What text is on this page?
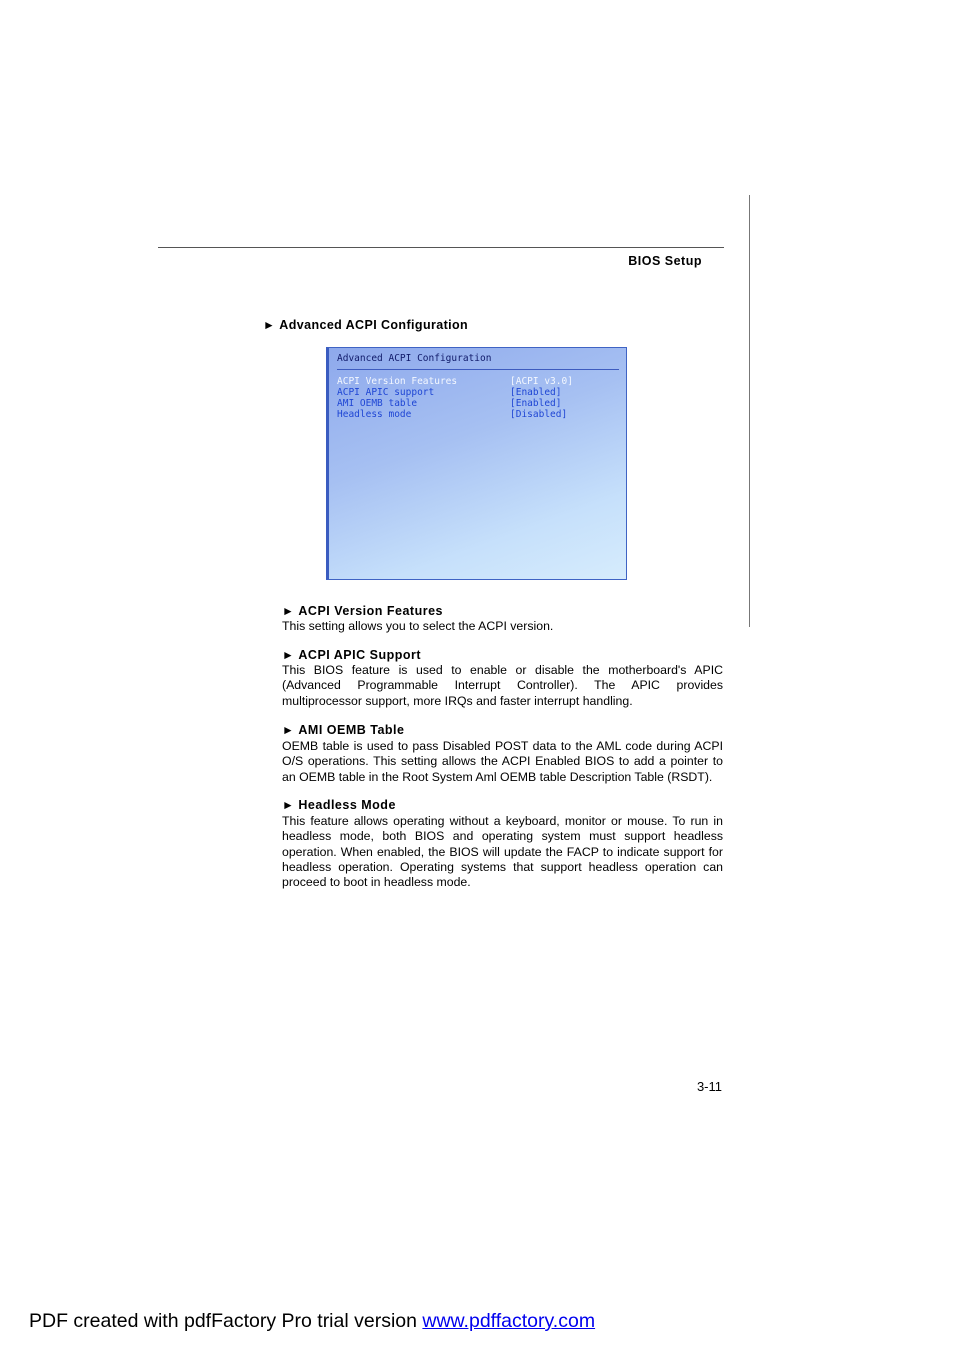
BIOS Setup
► Advanced ACPI Configuration
Advanced ACPI Configuration
ACPI Version Features	[ACPI v3.0]
ACPI APIC support	[Enabled]
AMI OEMB table	[Enabled]
Headless mode	[Disabled]
► ACPI Version Features

This setting allows you to select the ACPI version.

► ACPI APIC Support

This BIOS feature is used to enable or disable the motherboard's APIC (Advanced Programmable Interrupt Controller). The APIC provides multiprocessor support, more IRQs and faster interrupt handling.

► AMI OEMB Table

OEMB table is used to pass Disabled POST data to the AML code during ACPI O/S operations. This setting allows the ACPI Enabled BIOS to add a pointer to an OEMB table in the Root System Aml OEMB table Description Table (RSDT).

► Headless Mode

This feature allows operating without a keyboard, monitor or mouse. To run in headless mode, both BIOS and operating system must support headless operation. When enabled, the BIOS will update the FACP to indicate support for headless operation. Operating systems that support headless operation can proceed to boot in headless mode.

3-11
PDF created with pdfFactory Pro trial version www.pdffactory.com
